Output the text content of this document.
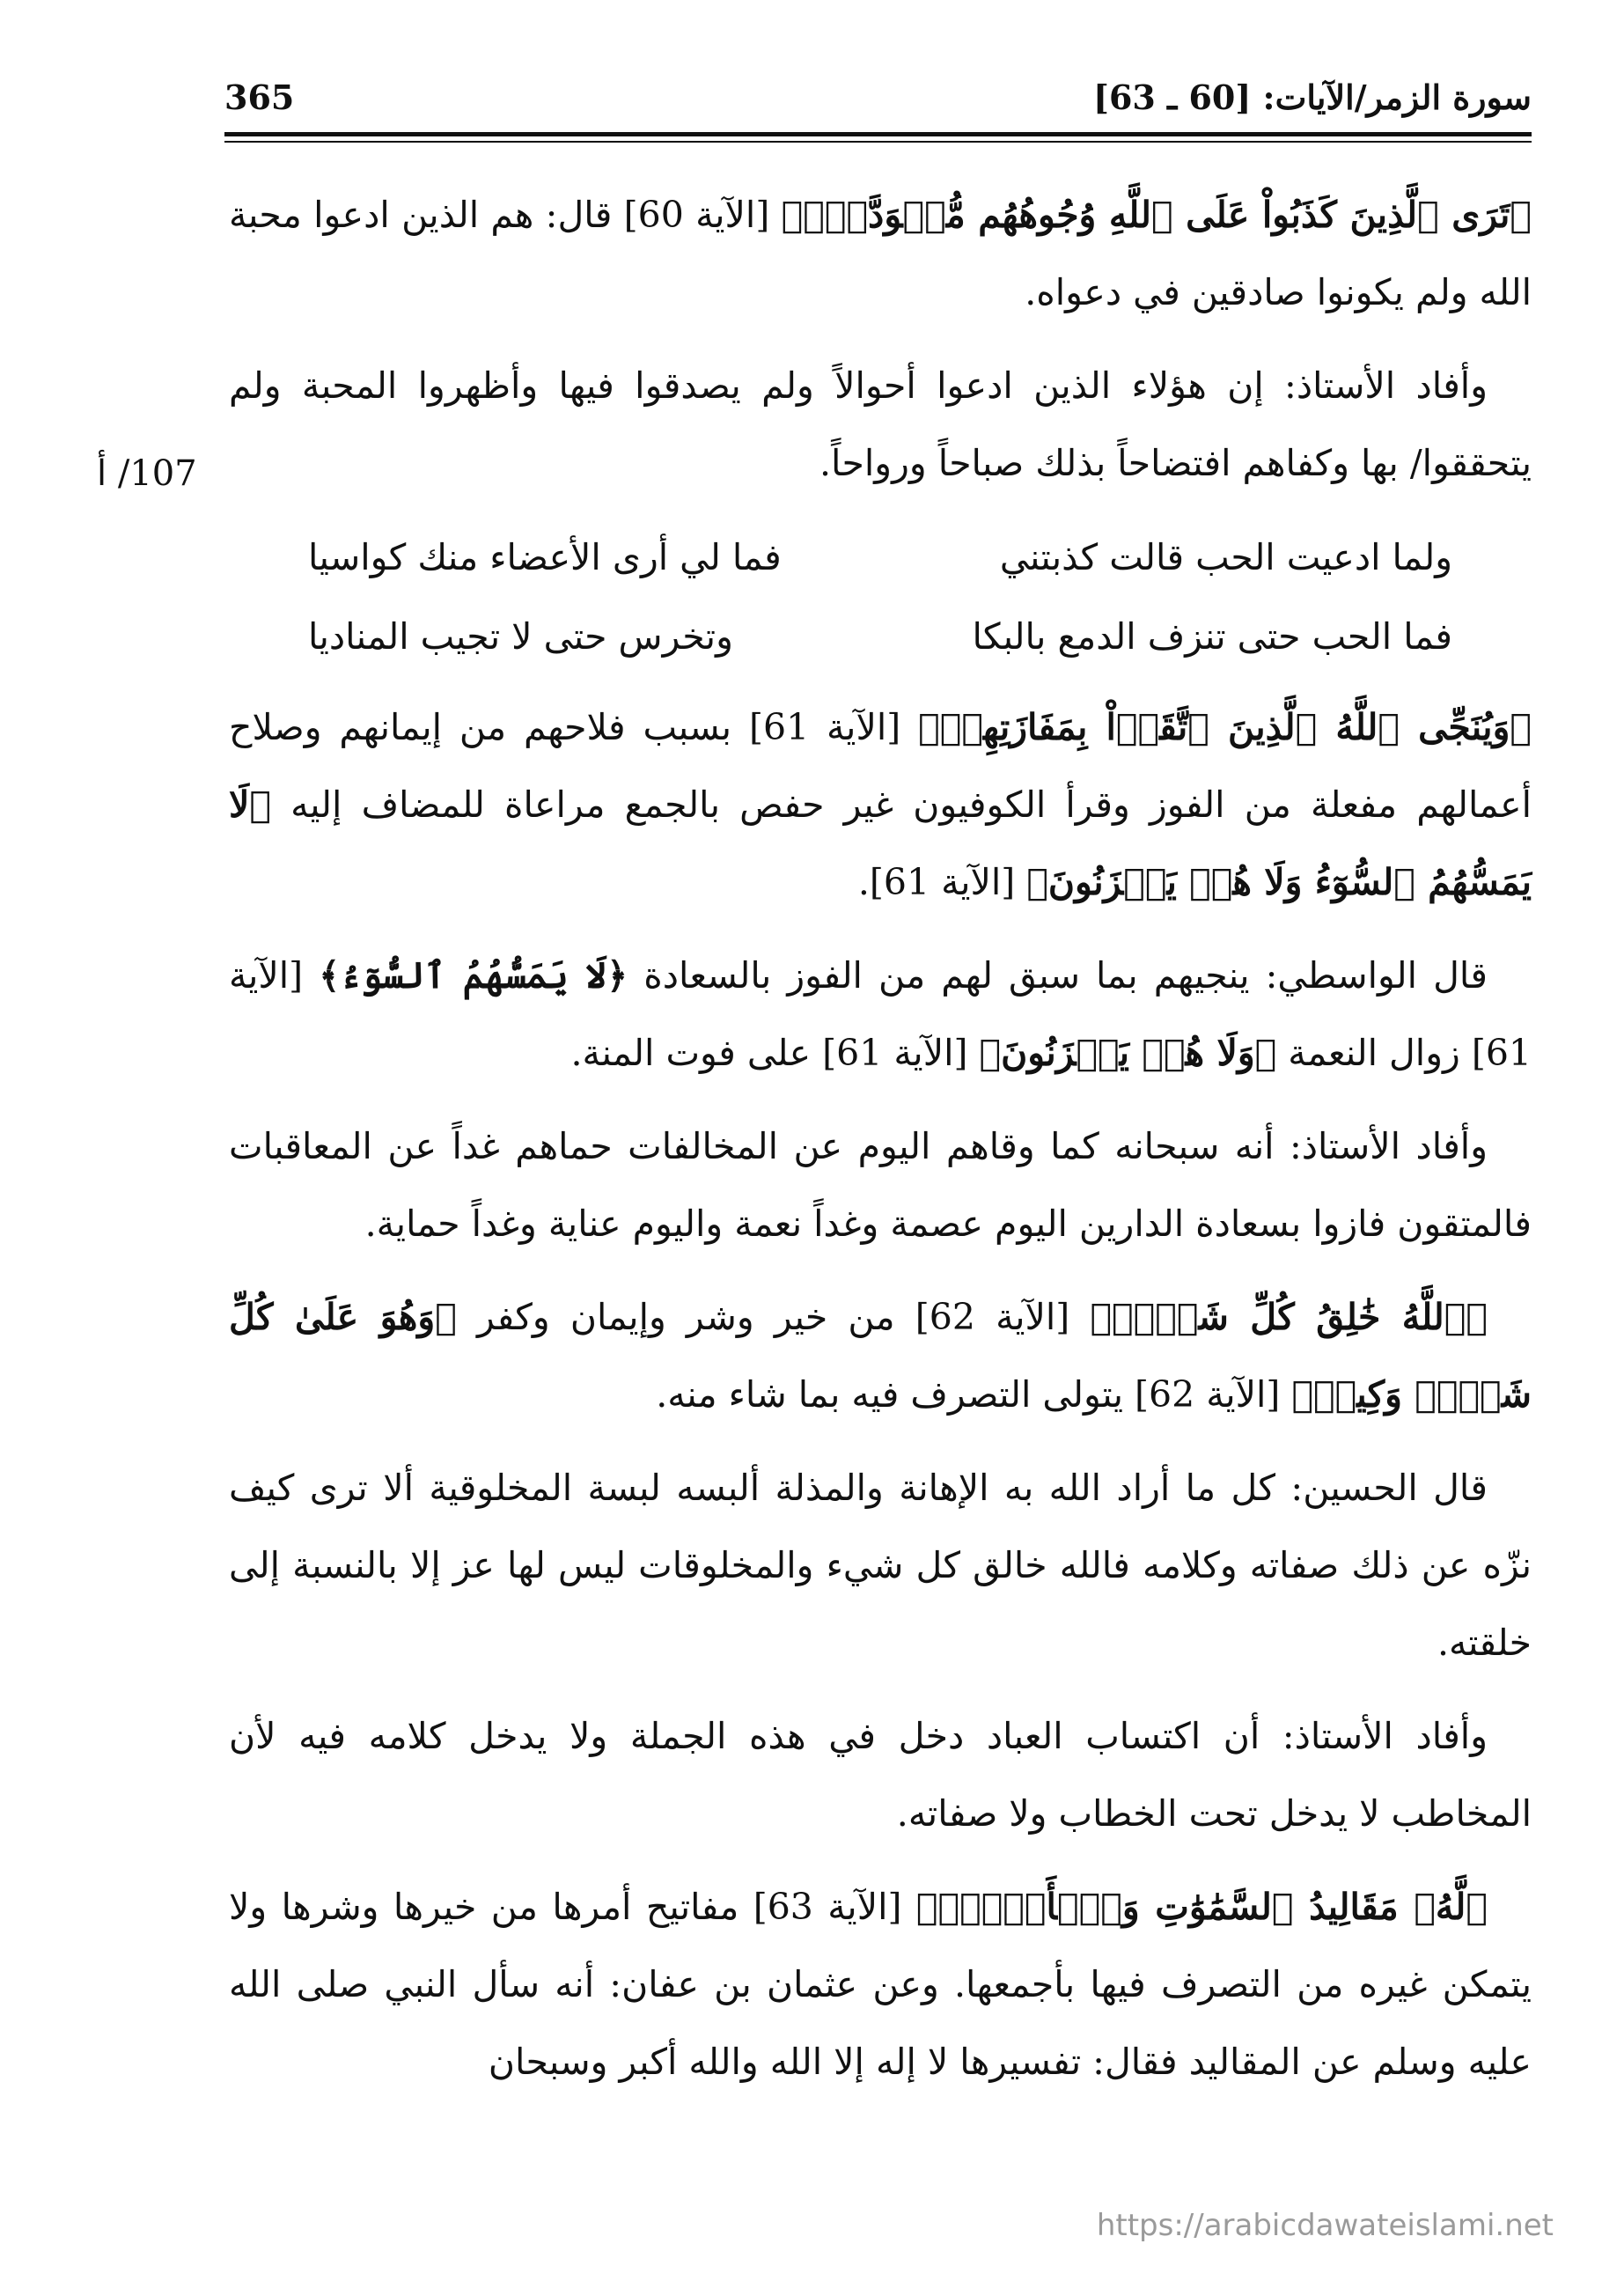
365	سورة الزمر/الآيات: [60 ـ 63]
107/ أ

﴿تَرَى ٱلَّذِينَ كَذَبُواْ عَلَى ٱللَّهِ وُجُوهُهُم مُّسۡوَدَّةٌۚ﴾ [الآية 60] قال: هم الذين ادعوا محبة الله ولم يكونوا صادقين في دعواه.

وأفاد الأستاذ: إن هؤلاء الذين ادعوا أحوالاً ولم يصدقوا فيها وأظهروا المحبة ولم يتحققوا/ بها وكفاهم افتضاحاً بذلك صباحاً ورواحاً.

ولما ادعيت الحب قالت كذبتني
فما لي أرى الأعضاء منك كواسيا
فما الحب حتى تنزف الدمع بالبكا
وتخرس حتى لا تجيب المناديا

﴿وَيُنَجِّى ٱللَّهُ ٱلَّذِينَ ٱتَّقَوۡاْ بِمَفَازَتِهِمۡ﴾ [الآية 61] بسبب فلاحهم من إيمانهم وصلاح أعمالهم مفعلة من الفوز وقرأ الكوفيون غير حفص بالجمع مراعاة للمضاف إليه ﴿لَا يَمَسُّهُمُ ٱلسُّوٓءُ وَلَا هُمۡ يَحۡزَنُونَ﴾ [الآية 61].

قال الواسطي: ينجيهم بما سبق لهم من الفوز بالسعادة ﴿لَا يَمَسُّهُمُ ٱلسُّوٓءُ﴾ [الآية 61] زوال النعمة ﴿وَلَا هُمۡ يَحۡزَنُونَ﴾ [الآية 61] على فوت المنة.

وأفاد الأستاذ: أنه سبحانه كما وقاهم اليوم عن المخالفات حماهم غداً عن المعاقبات فالمتقون فازوا بسعادة الدارين اليوم عصمة وغداً نعمة واليوم عناية وغداً حماية.

﴿ٱللَّهُ خَٰلِقُ كُلِّ شَيۡءٖ﴾ [الآية 62] من خير وشر وإيمان وكفر ﴿وَهُوَ عَلَىٰ كُلِّ شَيۡءٖ وَكِيلٞ﴾ [الآية 62] يتولى التصرف فيه بما شاء منه.

قال الحسين: كل ما أراد الله به الإهانة والمذلة ألبسه لبسة المخلوقية ألا ترى كيف نزّه عن ذلك صفاته وكلامه فالله خالق كل شيء والمخلوقات ليس لها عز إلا بالنسبة إلى خلقته.

وأفاد الأستاذ: أن اكتساب العباد دخل في هذه الجملة ولا يدخل كلامه فيه لأن المخاطب لا يدخل تحت الخطاب ولا صفاته.

﴿لَّهُۥ مَقَالِيدُ ٱلسَّمَٰوَٰتِ وَٱلۡأَرۡضِۗ﴾ [الآية 63] مفاتيح أمرها من خيرها وشرها ولا يتمكن غيره من التصرف فيها بأجمعها. وعن عثمان بن عفان: أنه سأل النبي صلى الله عليه وسلم عن المقاليد فقال: تفسيرها لا إله إلا الله والله أكبر وسبحان

https://arabicdawateislami.net
